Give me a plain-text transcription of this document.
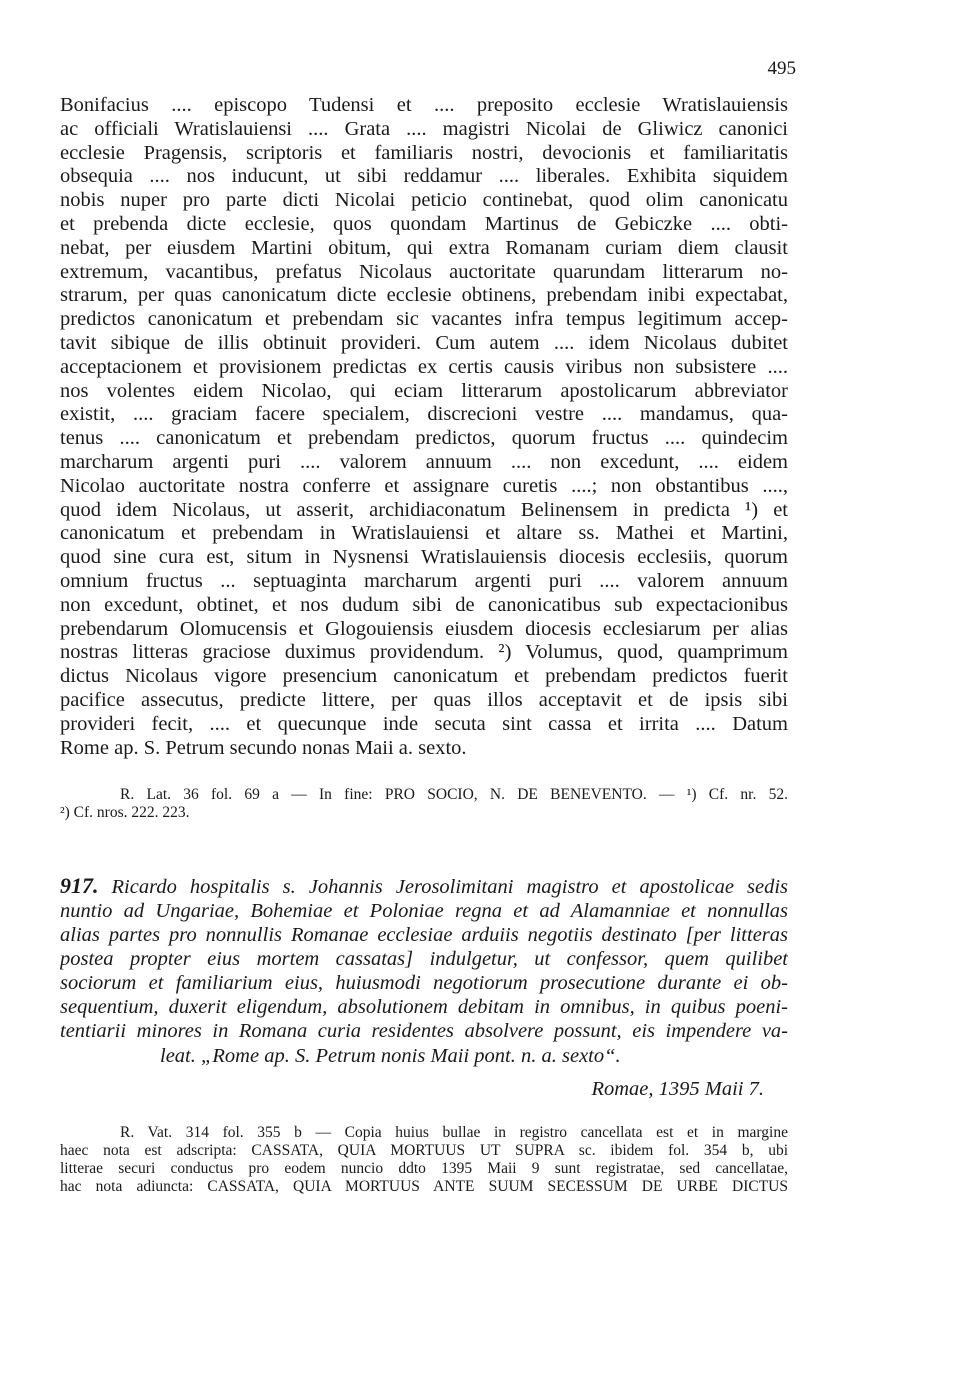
495
Bonifacius .... episcopo Tudensi et .... preposito ecclesie Wratislauiensis
ac officiali Wratislauiensi .... Grata .... magistri Nicolai de Gliwicz canonici
ecclesie Pragensis, scriptoris et familiaris nostri, devocionis et familiaritatis
obsequia .... nos inducunt, ut sibi reddamur .... liberales. Exhibita siquidem
nobis nuper pro parte dicti Nicolai peticio continebat, quod olim canonicatu
et prebenda dicte ecclesie, quos quondam Martinus de Gebiczke .... obti-
nebat, per eiusdem Martini obitum, qui extra Romanam curiam diem clausit
extremum, vacantibus, prefatus Nicolaus auctoritate quarundam litterarum no-
strarum, per quas canonicatum dicte ecclesie obtinens, prebendam inibi expectabat,
predictos canonicatum et prebendam sic vacantes infra tempus legitimum accep-
tavit sibique de illis obtinuit provideri. Cum autem .... idem Nicolaus dubitet
acceptacionem et provisionem predictas ex certis causis viribus non subsistere ....
nos volentes eidem Nicolao, qui eciam litterarum apostolicarum abbreviator
existit, .... graciam facere specialem, discrecioni vestre .... mandamus, qua-
tenus .... canonicatum et prebendam predictos, quorum fructus .... quindecim
marcharum argenti puri .... valorem annuum .... non excedunt, .... eidem
Nicolao auctoritate nostra conferre et assignare curetis ....; non obstantibus ....,
quod idem Nicolaus, ut asserit, archidiaconatum Belinensem in predicta ¹) et
canonicatum et prebendam in Wratislauiensi et altare ss. Mathei et Martini,
quod sine cura est, situm in Nysnensi Wratislauiensis diocesis ecclesiis, quorum
omnium fructus ... septuaginta marcharum argenti puri .... valorem annuum
non excedunt, obtinet, et nos dudum sibi de canonicatibus sub expectacionibus
prebendarum Olomucensis et Glogouiensis eiusdem diocesis ecclesiarum per alias
nostras litteras graciose duximus providendum. ²) Volumus, quod, quamprimum
dictus Nicolaus vigore presencium canonicatum et prebendam predictos fuerit
pacifice assecutus, predicte littere, per quas illos acceptavit et de ipsis sibi
provideri fecit, .... et quecunque inde secuta sint cassa et irrita .... Datum
Rome ap. S. Petrum secundo nonas Maii a. sexto.
R. Lat. 36 fol. 69 a — In fine: PRO SOCIO, N. DE BENEVENTO. — ¹) Cf. nr. 52.
²) Cf. nros. 222. 223.
917. Ricardo hospitalis s. Johannis Jerosolimitani magistro et apostolicae sedis
nuntio ad Ungariae, Bohemiae et Poloniae regna et ad Alamanniae et nonnullas
alias partes pro nonnullis Romanae ecclesiae arduiis negotiis destinato [per litteras
postea propter eius mortem cassatas] indulgetur, ut confessor, quem quilibet
sociorum et familiarium eius, huiusmodi negotiorum prosecutione durante ei ob-
sequentium, duxerit eligendum, absolutionem debitam in omnibus, in quibus poeni-
tentiarii minores in Romana curia residentes absolvere possunt, eis impendere va-
leat. „Rome ap. S. Petrum nonis Maii pont. n. a. sexto“.
Romae, 1395 Maii 7.
R. Vat. 314 fol. 355 b — Copia huius bullae in registro cancellata est et in margine
haec nota est adscripta: CASSATA, QUIA MORTUUS UT SUPRA sc. ibidem fol. 354 b, ubi
litterae securi conductus pro eodem nuncio ddto 1395 Maii 9 sunt registratae, sed cancellatae,
hac nota adiuncta: CASSATA, QUIA MORTUUS ANTE SUUM SECESSUM DE URBE DICTUS
